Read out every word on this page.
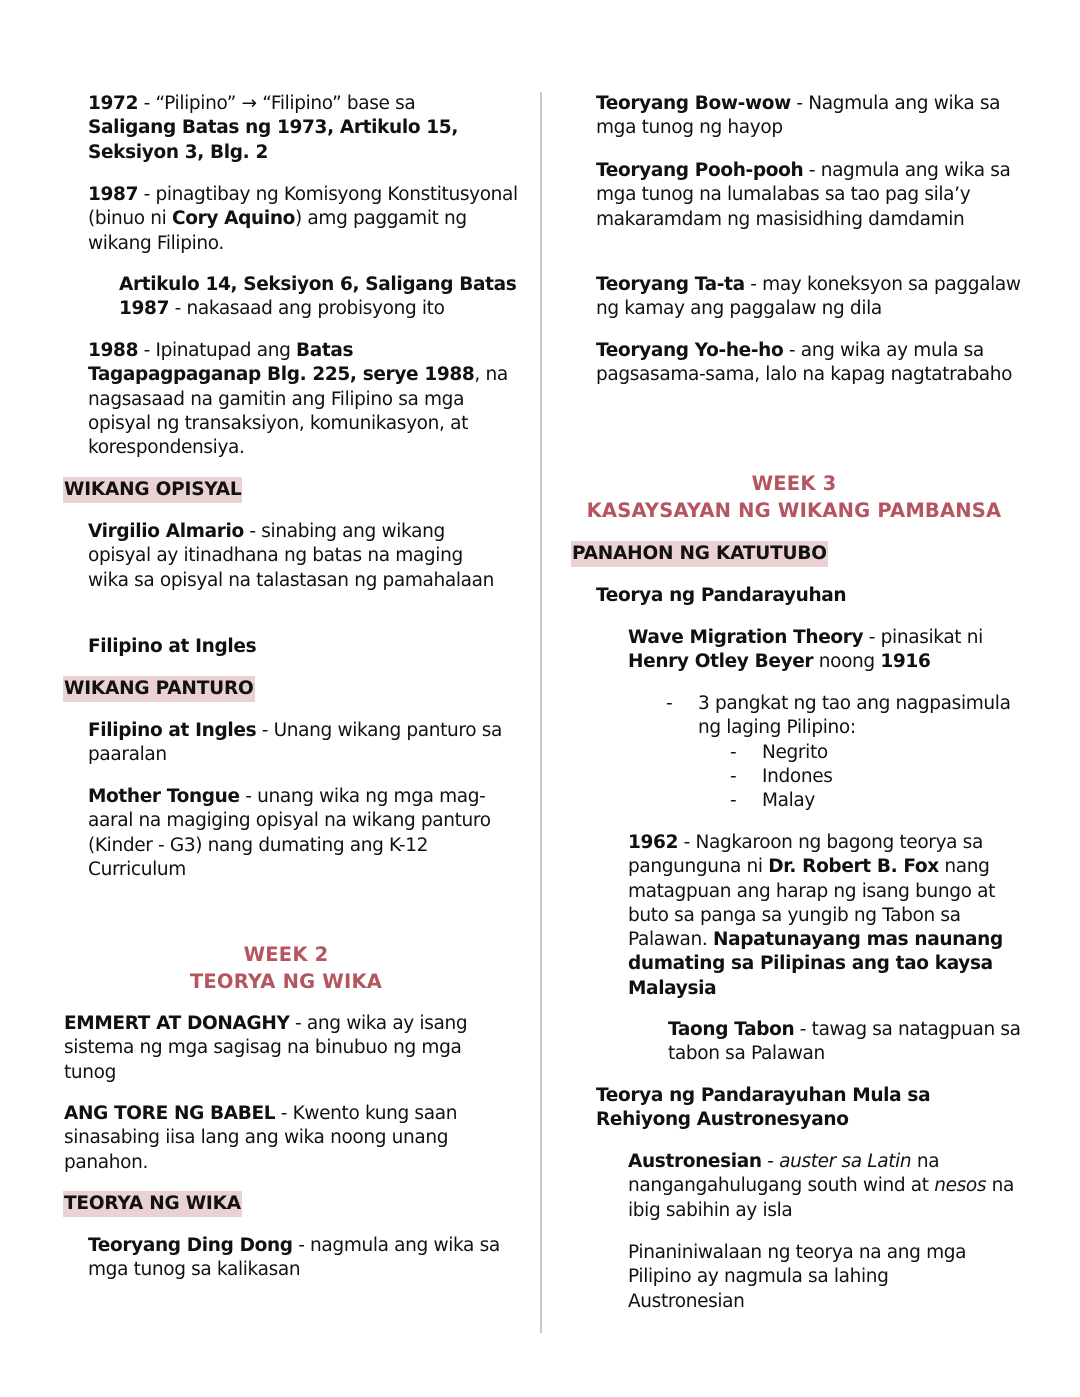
1972 - “Pilipino” → “Filipino” base sa Saligang Batas ng 1973, Artikulo 15, Seksiyon 3, Blg. 2

1987 - pinagtibay ng Komisyong Konstitusyonal (binuo ni Cory Aquino) amg paggamit ng wikang Filipino.

Artikulo 14, Seksiyon 6, Saligang Batas 1987 - nakasaad ang probisyong ito

1988 - Ipinatupad ang Batas Tagapagpaganap Blg. 225, serye 1988, na nagsasaad na gamitin ang Filipino sa mga opisyal ng transaksiyon, komunikasyon, at korespondensiya.

WIKANG OPISYAL

Virgilio Almario - sinabing ang wikang opisyal ay itinadhana ng batas na maging wika sa opisyal na talastasan ng pamahalaan

Filipino at Ingles

WIKANG PANTURO

Filipino at Ingles - Unang wikang panturo sa paaralan

Mother Tongue - unang wika ng mga mag-aaral na magiging opisyal na wikang panturo (Kinder - G3) nang dumating ang K-12 Curriculum

WEEK 2
TEORYA NG WIKA

EMMERT AT DONAGHY - ang wika ay isang sistema ng mga sagisag na binubuo ng mga tunog

ANG TORE NG BABEL - Kwento kung saan sinasabing iisa lang ang wika noong unang panahon.

TEORYA NG WIKA

Teoryang Ding Dong - nagmula ang wika sa mga tunog sa kalikasan

Teoryang Bow-wow - Nagmula ang wika sa mga tunog ng hayop

Teoryang Pooh-pooh - nagmula ang wika sa mga tunog na lumalabas sa tao pag sila’y makaramdam ng masisidhing damdamin

Teoryang Ta-ta - may koneksyon sa paggalaw ng kamay ang paggalaw ng dila

Teoryang Yo-he-ho - ang wika ay mula sa pagsasama-sama, lalo na kapag nagtatrabaho

WEEK 3
KASAYSAYAN NG WIKANG PAMBANSA
PANAHON NG KATUTUBO

Teorya ng Pandarayuhan

Wave Migration Theory - pinasikat ni Henry Otley Beyer noong 1916

-	3 pangkat ng tao ang nagpasimula ng laging Pilipino:
-	Negrito
-	Indones
-	Malay

1962 - Nagkaroon ng bagong teorya sa pangunguna ni Dr. Robert B. Fox nang matagpuan ang harap ng isang bungo at buto sa panga sa yungib ng Tabon sa Palawan. Napatunayang mas naunang dumating sa Pilipinas ang tao kaysa Malaysia

Taong Tabon - tawag sa natagpuan sa tabon sa Palawan

Teorya ng Pandarayuhan Mula sa Rehiyong Austronesyano

Austronesian - auster sa Latin na nangangahulugang south wind at nesos na ibig sabihin ay isla

Pinaniniwalaan ng teorya na ang mga Pilipino ay nagmula sa lahing Austronesian
